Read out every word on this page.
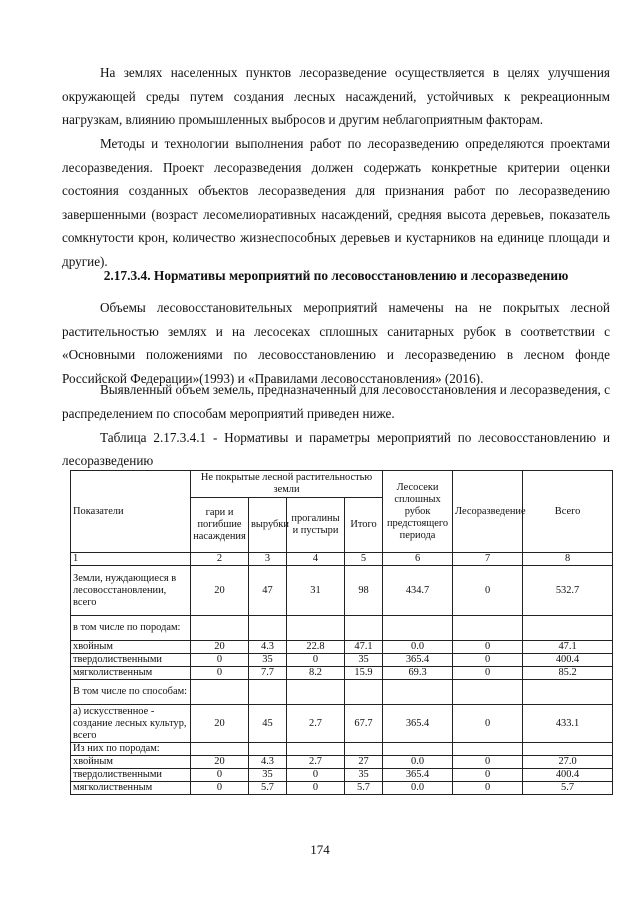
На землях населенных пунктов лесоразведение осуществляется в целях улучшения окружающей среды путем создания лесных насаждений, устойчивых к рекреационным нагрузкам, влиянию промышленных выбросов и другим неблагоприятным факторам.

Методы и технологии выполнения работ по лесоразведению определяются проектами лесоразведения. Проект лесоразведения должен содержать конкретные критерии оценки состояния созданных объектов лесоразведения для признания работ по лесоразведению завершенными (возраст лесомелиоративных насаждений, средняя высота деревьев, показатель сомкнутости крон, количество жизнеспособных деревьев и кустарников на единице площади и другие).

2.17.3.4. Нормативы мероприятий по лесовосстановлению и лесоразведению

Объемы лесовосстановительных мероприятий намечены на не покрытых лесной растительностью землях и на лесосеках сплошных санитарных рубок в соответствии с «Основными положениями по лесовосстановлению и лесоразведению в лесном фонде Российской Федерации»(1993) и «Правилами лесовосстановления» (2016).

Выявленный объем земель, предназначенный для лесовосстановления и лесоразведения, с распределением по способам мероприятий приведен ниже.

Таблица 2.17.3.4.1 - Нормативы и параметры мероприятий по лесовосстановлению и лесоразведению

Показатели	Не покрытые лесной растительностью земли				Лесосеки сплошных рубок предстоящего периода	Лесоразведение	Всего
	гари и погибшие насаждения	вырубки	прогалины и пустыри	Итого			
1	2	3	4	5	6	7	8
Земли, нуждающиеся в лесовосстановлении, всего	20	47	31	98	434.7	0	532.7
в том числе по породам:							
хвойным	20	4.3	22.8	47.1	0.0	0	47.1
твердолиственными	0	35	0	35	365.4	0	400.4
мягколиственным	0	7.7	8.2	15.9	69.3	0	85.2
В том числе по способам:							
а) искусственное - создание лесных культур, всего	20	45	2.7	67.7	365.4	0	433.1
Из них по породам:							
хвойным	20	4.3	2.7	27	0.0	0	27.0
твердолиственными	0	35	0	35	365.4	0	400.4
мягколиственным	0	5.7	0	5.7	0.0	0	5.7
174
